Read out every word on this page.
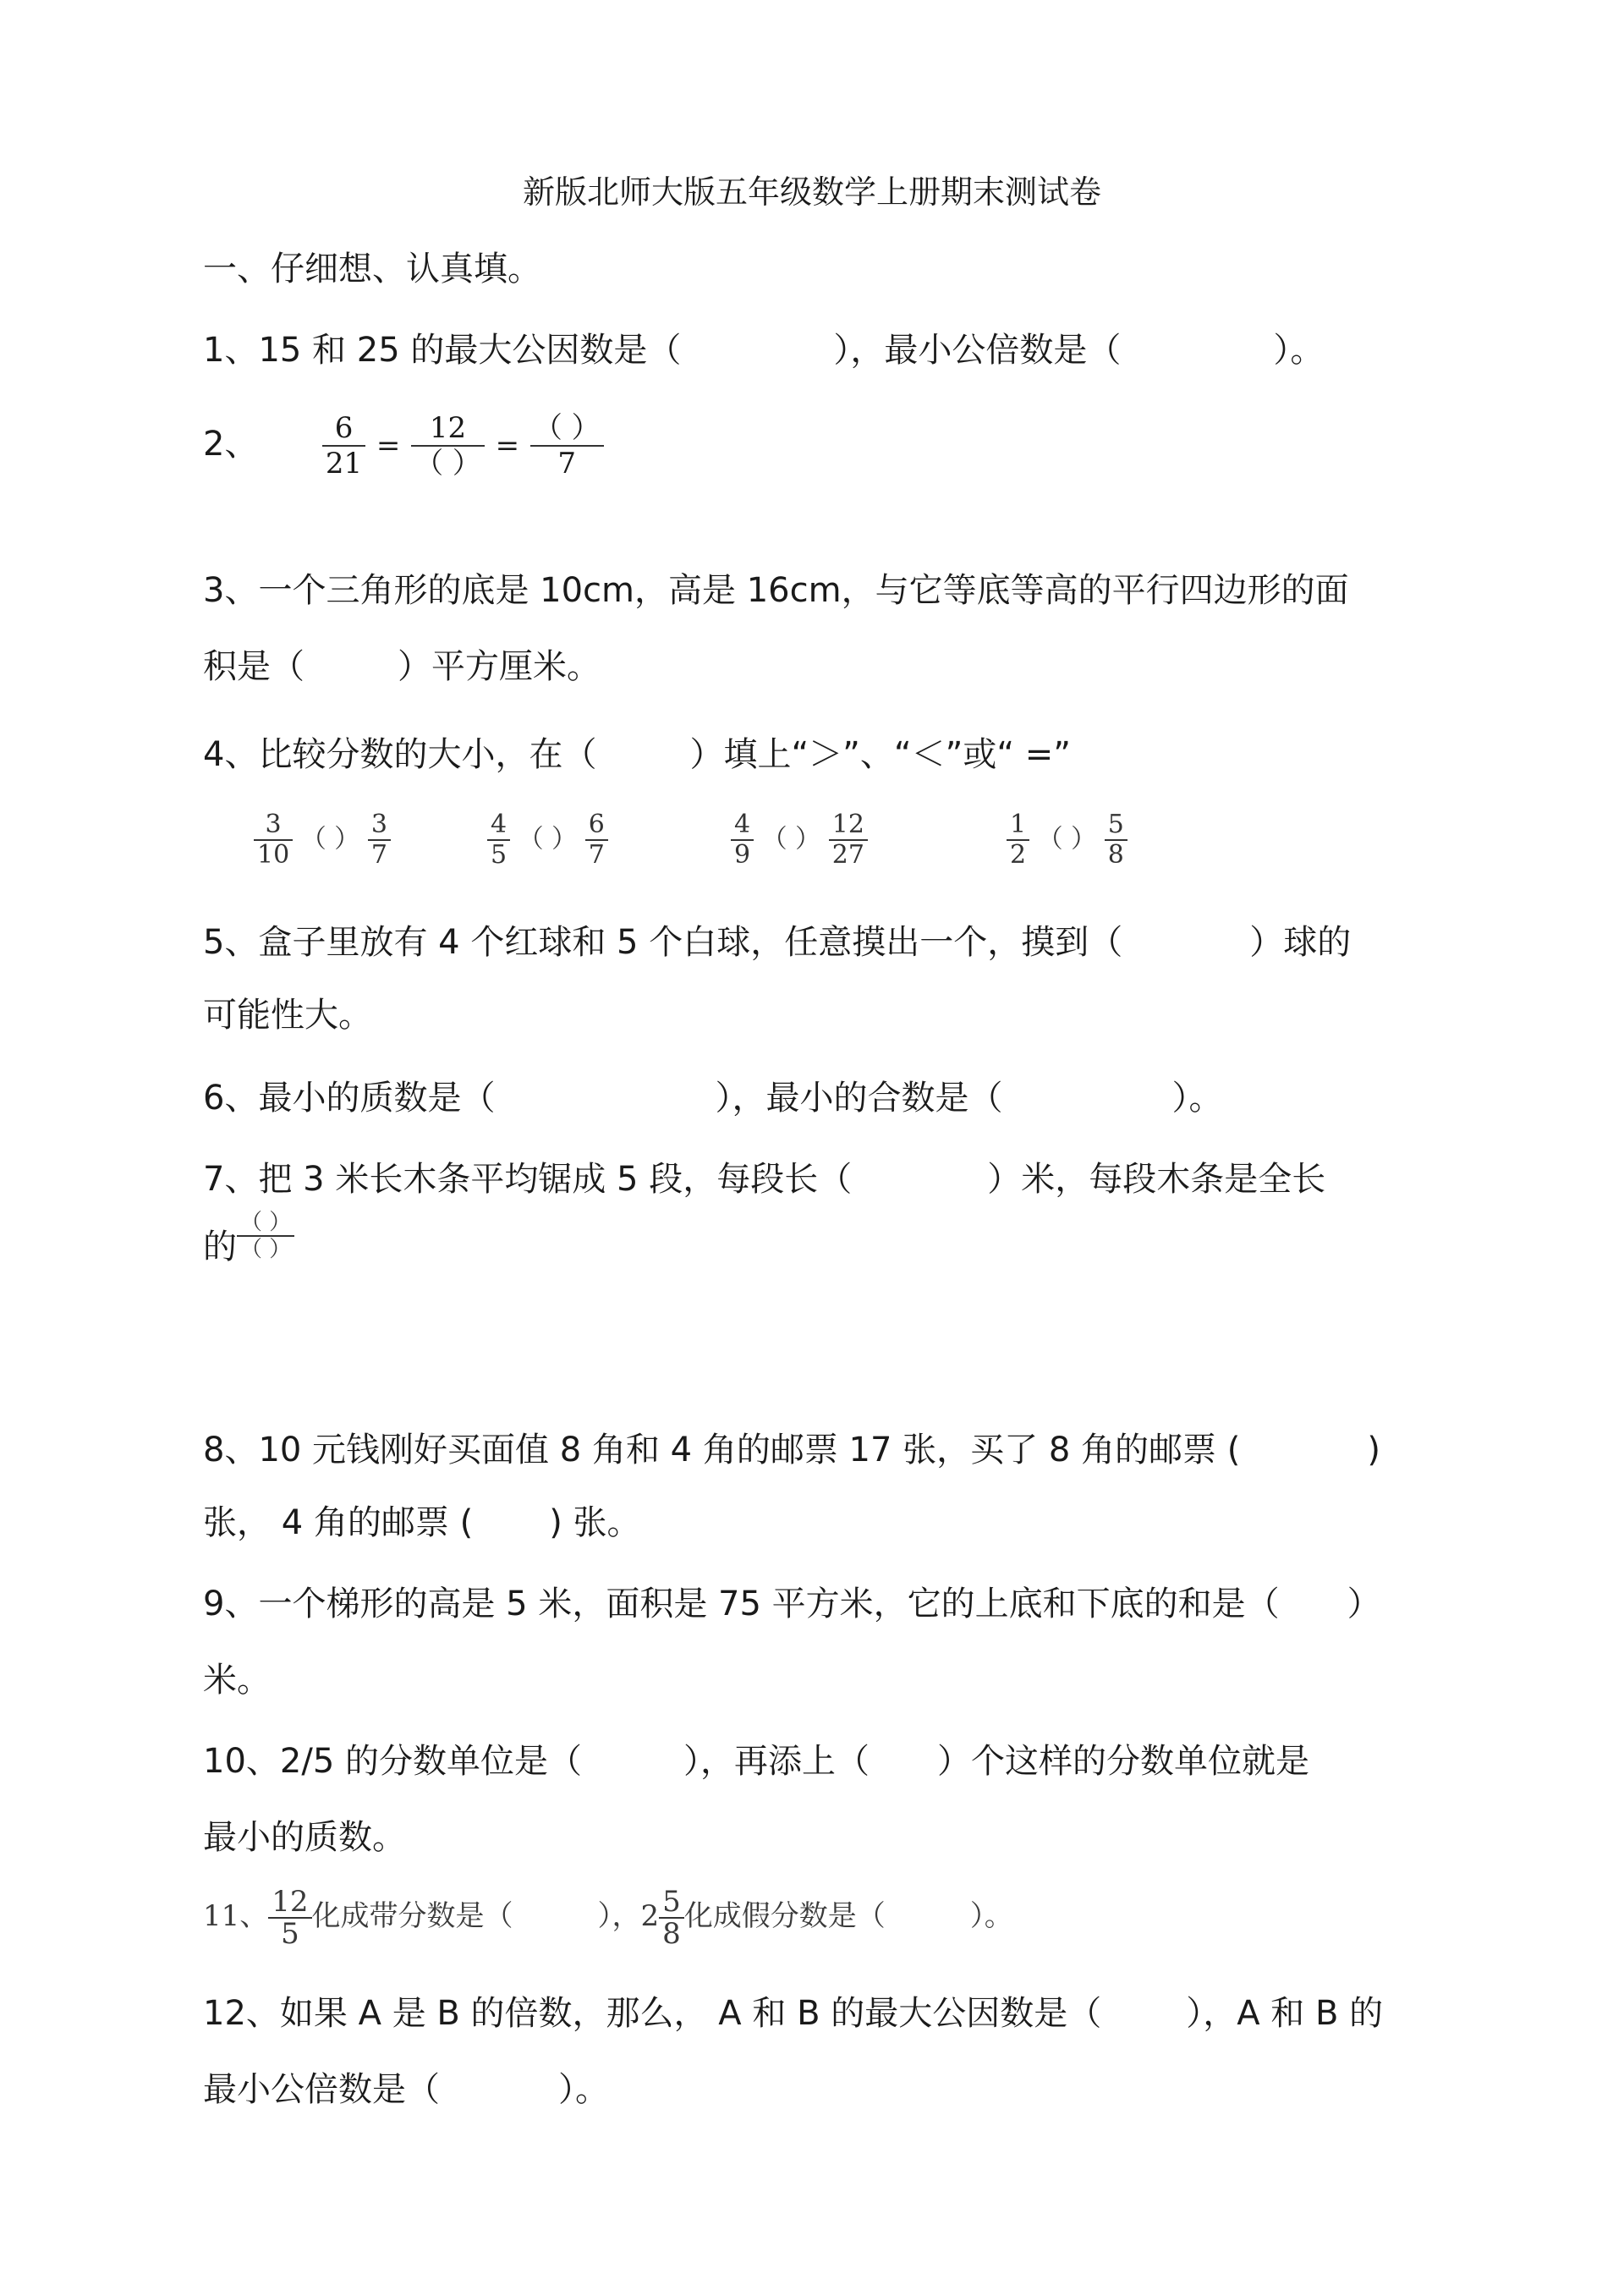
新版北师大版五年级数学上册期末测试卷
一、仔细想、认真填。
1、15 和 25 的最大公因数是（	），最小公倍数是（	）。
2、 $\frac{6}{21} = \frac{12}{( )} = \frac{( )}{7}$
3、一个三角形的底是 10cm，高是 16cm，与它等底等高的平行四边形的面
积是（	）平方厘米。
4、比较分数的大小，在（	）填上“＞”、“＜”或“ =”
$\frac{3}{10}$ （ ） $\frac{3}{7}$	$\frac{4}{5}$ （ ） $\frac{6}{7}$	$\frac{4}{9}$ （ ） $\frac{12}{27}$	$\frac{1}{2}$ （ ） $\frac{5}{8}$
5、盒子里放有 4 个红球和 5 个白球，任意摸出一个，摸到（	）球的
可能性大。
6、最小的质数是（	），最小的合数是（	）。
7、把 3 米长木条平均锯成 5 段，每段长（	）米，每段木条是全长
的 $\frac{( )}{( )}$
8、10 元钱刚好买面值 8 角和 4 角的邮票 17 张，买了 8 角的邮票 (	)
张， 4 角的邮票 ( ) 张。
9、一个梯形的高是 5 米，面积是 75 平方米，它的上底和下底的和是（ ）
米。
10、2/5 的分数单位是（	），再添上（ ）个这样的分数单位就是
最小的质数。
11、 $\frac{12}{5}$ 化成带分数是（	），$2 \frac{5}{8}$ 化成假分数是（	）。
12、如果 A 是 B 的倍数，那么， A 和 B 的最大公因数是（	），A 和 B 的
最小公倍数是（	）。
